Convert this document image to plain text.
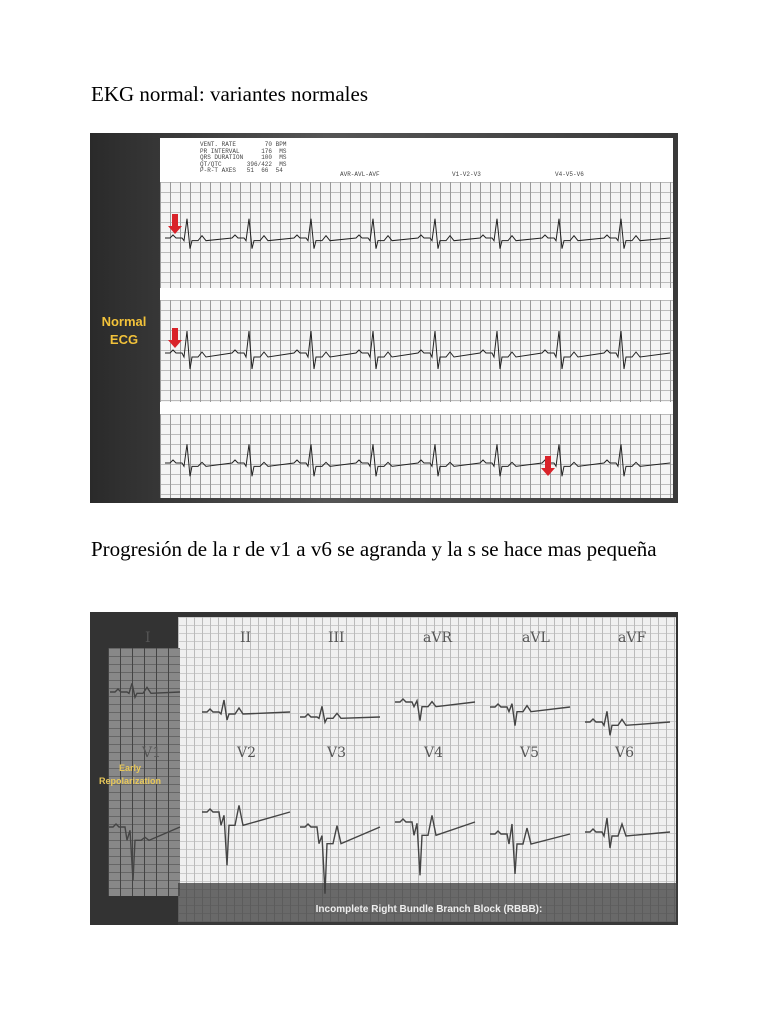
EKG normal: variantes normales
Normal ECG
VENT. RATE        70 BPM
PR INTERVAL      176  MS
QRS DURATION     100  MS
QT/QTC       396/422  MS
P-R-T AXES   51  66  54
AVR-AVL-AVF	V1-V2-V3	V4-V5-V6
Progresión de la r de v1 a v6 se agranda y la s se hace mas pequeña
I	II	III	aVR	aVL	aVF
V1	V2	V3	V4	V5	V6
Early Repolarization
Incomplete Right Bundle Branch Block (RBBB):
